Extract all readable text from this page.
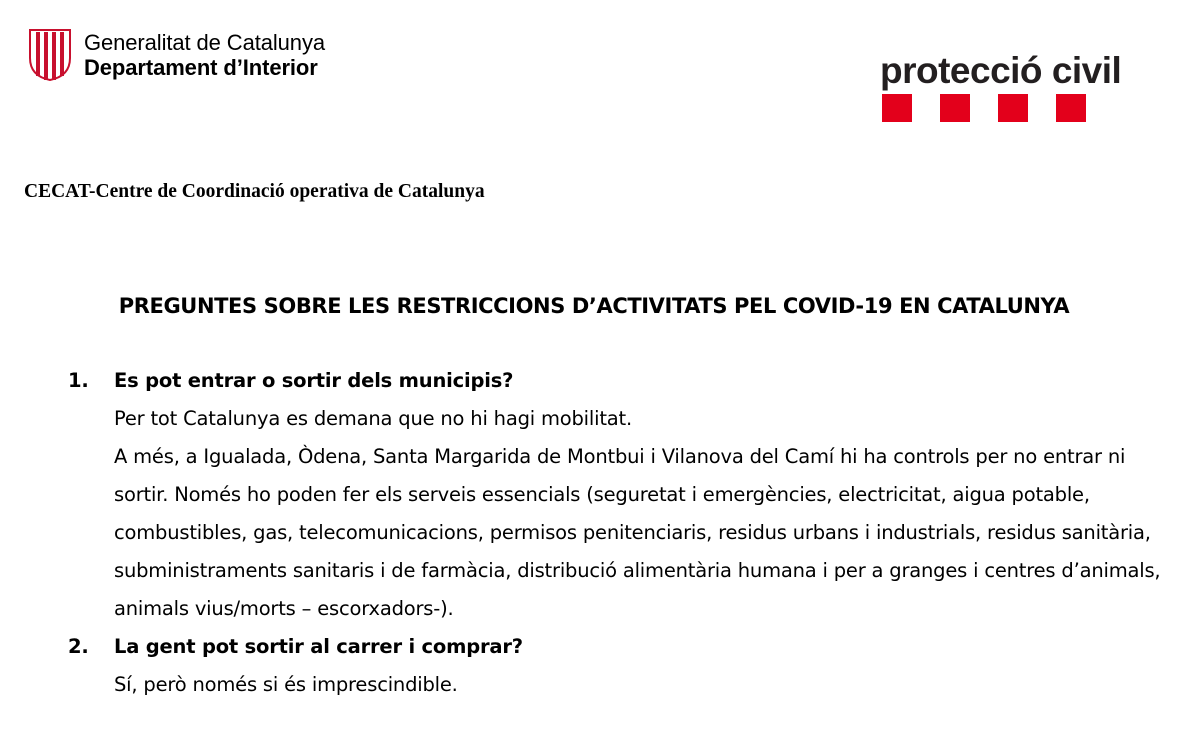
Generalitat de Catalunya
Departament d’Interior	protecció civil
CECAT-Centre de Coordinació operativa de Catalunya
PREGUNTES SOBRE LES RESTRICCIONS D’ACTIVITATS PEL COVID-19 EN CATALUNYA
1.	Es pot entrar o sortir dels municipis?

Per tot Catalunya es demana que no hi hagi mobilitat.

A més, a Igualada, Òdena, Santa Margarida de Montbui i Vilanova del Camí hi ha controls per no entrar ni sortir. Només ho poden fer els serveis essencials (seguretat i emergències, electricitat, aigua potable, combustibles, gas, telecomunicacions, permisos penitenciaris, residus urbans i industrials, residus sanitària, subministraments sanitaris i de farmàcia, distribució alimentària humana i per a granges i centres d’animals, animals vius/morts – escorxadors-).

2.	La gent pot sortir al carrer i comprar?

Sí, però només si és imprescindible.
